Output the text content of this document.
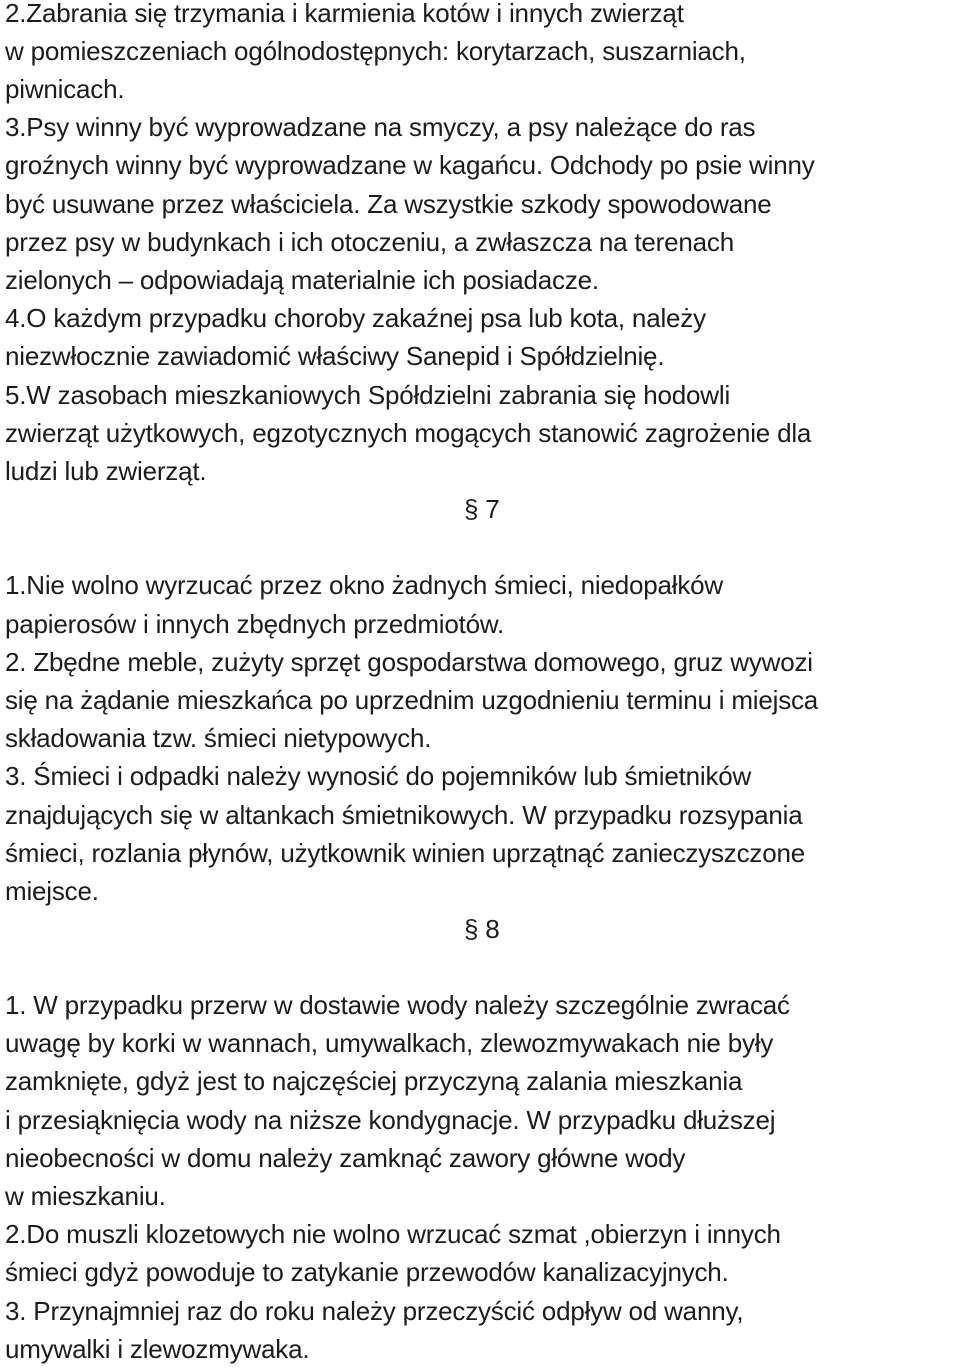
2.Zabrania się trzymania i karmienia kotów i innych zwierząt
w pomieszczeniach ogólnodostępnych: korytarzach, suszarniach,
piwnicach.
3.Psy winny być wyprowadzane na smyczy, a psy należące do ras
groźnych winny być wyprowadzane w kagańcu. Odchody po psie winny
być usuwane przez właściciela. Za wszystkie szkody spowodowane
przez psy w budynkach i ich otoczeniu, a zwłaszcza na terenach
zielonych – odpowiadają materialnie ich posiadacze.
4.O każdym przypadku choroby zakaźnej psa lub kota, należy
niezwłocznie zawiadomić właściwy Sanepid i Spółdzielnię.
5.W zasobach mieszkaniowych Spółdzielni zabrania się hodowli
zwierząt użytkowych, egzotycznych mogących stanowić zagrożenie dla
ludzi lub zwierząt.
§ 7
1.Nie wolno wyrzucać przez okno żadnych śmieci, niedopałków
papierosów i innych zbędnych przedmiotów.
2. Zbędne meble, zużyty sprzęt gospodarstwa domowego, gruz wywozi
się na żądanie mieszkańca po uprzednim uzgodnieniu terminu i miejsca
składowania tzw. śmieci nietypowych.
3. Śmieci i odpadki należy wynosić do pojemników lub śmietników
znajdujących się w altankach śmietnikowych. W przypadku rozsypania
śmieci, rozlania płynów, użytkownik winien uprzątnąć zanieczyszczone
miejsce.
§ 8
1. W przypadku przerw w dostawie wody należy szczególnie zwracać
uwagę by korki w wannach, umywalkach, zlewozmywakach nie były
zamknięte, gdyż jest to najczęściej przyczyną zalania mieszkania
i przesiąknięcia wody na niższe kondygnacje. W przypadku dłuższej
nieobecności w domu należy zamknąć zawory główne wody
w mieszkaniu.
2.Do muszli klozetowych nie wolno wrzucać szmat ,obierzyn i innych
śmieci gdyż powoduje to zatykanie przewodów kanalizacyjnych.
3. Przynajmniej raz do roku należy przeczyścić odpływ od wanny,
umywalki i zlewozmywaka.
